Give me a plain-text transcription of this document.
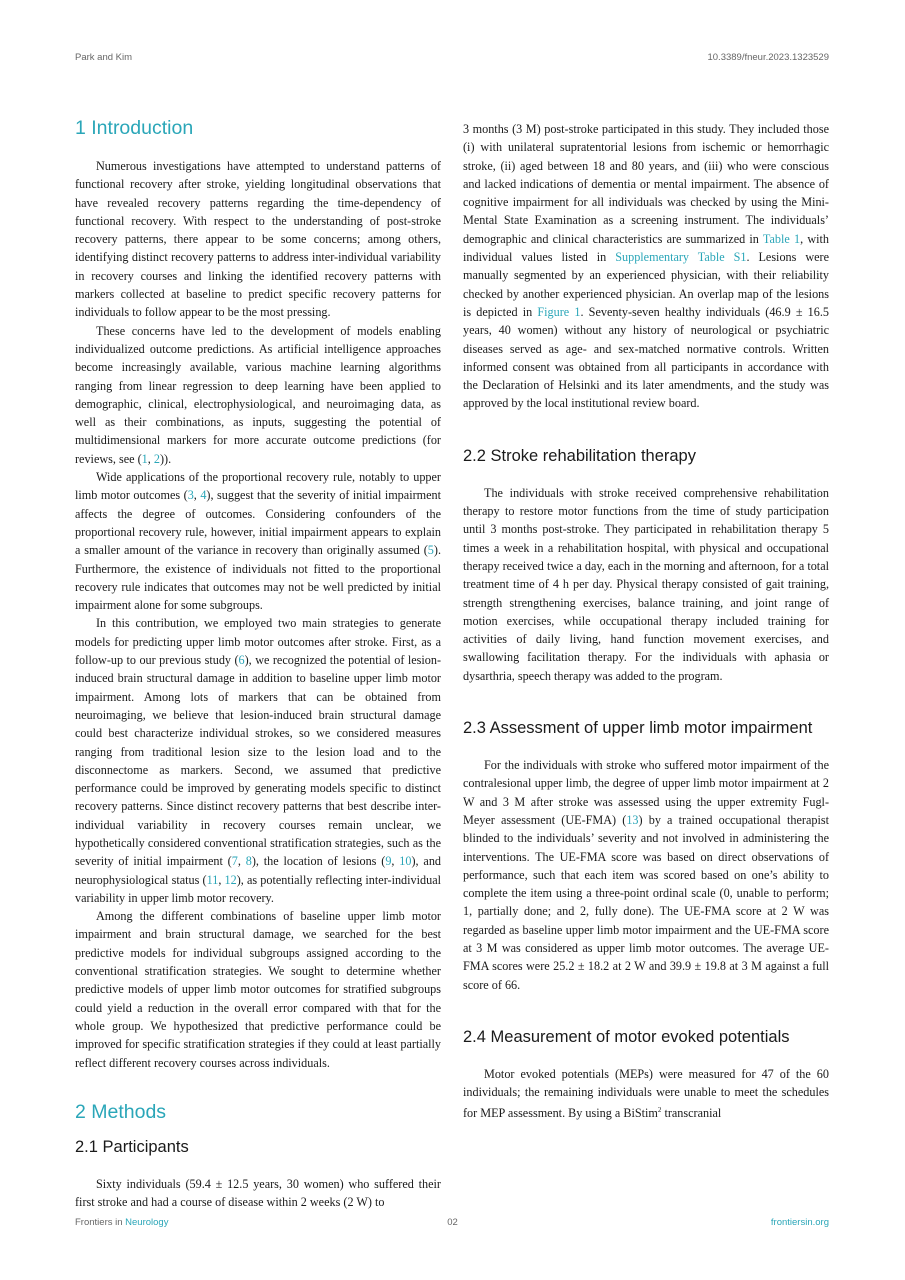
Park and Kim	10.3389/fneur.2023.1323529
1 Introduction

Numerous investigations have attempted to understand patterns of functional recovery after stroke, yielding longitudinal observations that have revealed recovery patterns regarding the time-dependency of functional recovery. With respect to the understanding of post-stroke recovery patterns, there appear to be some concerns; among others, identifying distinct recovery patterns to address inter-individual variability in recovery courses and linking the identified recovery patterns with markers collected at baseline to predict specific recovery patterns for individuals to follow appear to be the most pressing.

These concerns have led to the development of models enabling individualized outcome predictions. As artificial intelligence approaches become increasingly available, various machine learning algorithms ranging from linear regression to deep learning have been applied to demographic, clinical, electrophysiological, and neuroimaging data, as well as their combinations, as inputs, suggesting the potential of multidimensional markers for more accurate outcome predictions (for reviews, see (1, 2)).

Wide applications of the proportional recovery rule, notably to upper limb motor outcomes (3, 4), suggest that the severity of initial impairment affects the degree of outcomes. Considering confounders of the proportional recovery rule, however, initial impairment appears to explain a smaller amount of the variance in recovery than originally assumed (5). Furthermore, the existence of individuals not fitted to the proportional recovery rule indicates that outcomes may not be well predicted by initial impairment alone for some subgroups.

In this contribution, we employed two main strategies to generate models for predicting upper limb motor outcomes after stroke. First, as a follow-up to our previous study (6), we recognized the potential of lesion-induced brain structural damage in addition to baseline upper limb motor impairment. Among lots of markers that can be obtained from neuroimaging, we believe that lesion-induced brain structural damage could best characterize individual strokes, so we considered measures ranging from traditional lesion size to the lesion load and to the disconnectome as markers. Second, we assumed that predictive performance could be improved by generating models specific to distinct recovery patterns. Since distinct recovery patterns that best describe inter-individual variability in recovery courses remain unclear, we hypothetically considered conventional stratification strategies, such as the severity of initial impairment (7, 8), the location of lesions (9, 10), and neurophysiological status (11, 12), as potentially reflecting inter-individual variability in upper limb motor recovery.

Among the different combinations of baseline upper limb motor impairment and brain structural damage, we searched for the best predictive models for individual subgroups assigned according to the conventional stratification strategies. We sought to determine whether predictive models of upper limb motor outcomes for stratified subgroups could yield a reduction in the overall error compared with that for the whole group. We hypothesized that predictive performance could be improved for specific stratification strategies if they could at least partially reflect different recovery courses across individuals.

2 Methods
2.1 Participants

Sixty individuals (59.4 ± 12.5 years, 30 women) who suffered their first stroke and had a course of disease within 2 weeks (2 W) to

3 months (3 M) post-stroke participated in this study. They included those (i) with unilateral supratentorial lesions from ischemic or hemorrhagic stroke, (ii) aged between 18 and 80 years, and (iii) who were conscious and lacked indications of dementia or mental impairment. The absence of cognitive impairment for all individuals was checked by using the Mini-Mental State Examination as a screening instrument. The individuals’ demographic and clinical characteristics are summarized in Table 1, with individual values listed in Supplementary Table S1. Lesions were manually segmented by an experienced physician, with their reliability checked by another experienced physician. An overlap map of the lesions is depicted in Figure 1. Seventy-seven healthy individuals (46.9 ± 16.5 years, 40 women) without any history of neurological or psychiatric diseases served as age- and sex-matched normative controls. Written informed consent was obtained from all participants in accordance with the Declaration of Helsinki and its later amendments, and the study was approved by the local institutional review board.

2.2 Stroke rehabilitation therapy

The individuals with stroke received comprehensive rehabilitation therapy to restore motor functions from the time of study participation until 3 months post-stroke. They participated in rehabilitation therapy 5 times a week in a rehabilitation hospital, with physical and occupational therapy received twice a day, each in the morning and afternoon, for a total treatment time of 4 h per day. Physical therapy consisted of gait training, strength strengthening exercises, balance training, and joint range of motion exercises, while occupational therapy included training for activities of daily living, hand function movement exercises, and swallowing facilitation therapy. For the individuals with aphasia or dysarthria, speech therapy was added to the program.

2.3 Assessment of upper limb motor impairment

For the individuals with stroke who suffered motor impairment of the contralesional upper limb, the degree of upper limb motor impairment at 2 W and 3 M after stroke was assessed using the upper extremity Fugl-Meyer assessment (UE-FMA) (13) by a trained occupational therapist blinded to the individuals’ severity and not involved in administering the interventions. The UE-FMA score was based on direct observations of performance, such that each item was scored based on one’s ability to complete the item using a three-point ordinal scale (0, unable to perform; 1, partially done; and 2, fully done). The UE-FMA score at 2 W was regarded as baseline upper limb motor impairment and the UE-FMA score at 3 M was considered as upper limb motor outcomes. The average UE-FMA scores were 25.2 ± 18.2 at 2 W and 39.9 ± 19.8 at 3 M against a full score of 66.

2.4 Measurement of motor evoked potentials

Motor evoked potentials (MEPs) were measured for 47 of the 60 individuals; the remaining individuals were unable to meet the schedules for MEP assessment. By using a BiStim$^2$ transcranial

Frontiers in Neurology	02	frontiersin.org
